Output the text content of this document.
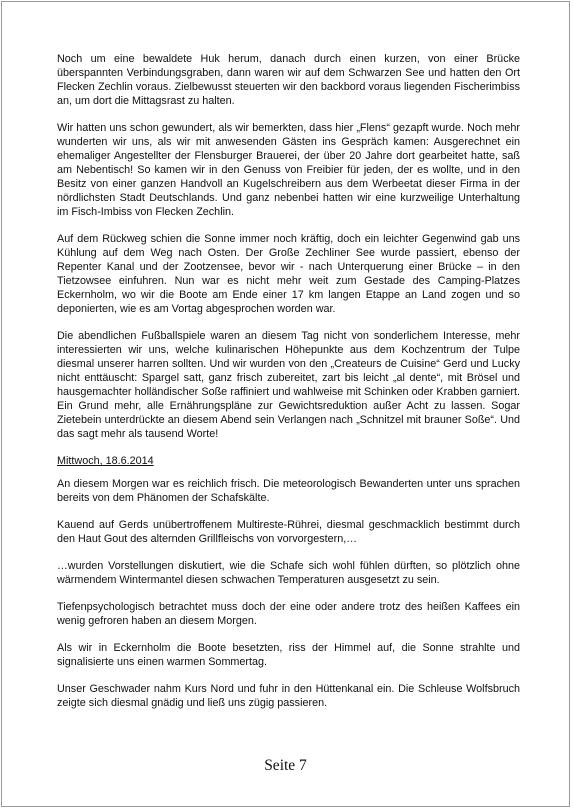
Noch um eine bewaldete Huk herum, danach durch einen kurzen, von einer Brücke überspannten Verbindungsgraben, dann waren wir auf dem Schwarzen See und hatten den Ort Flecken Zechlin voraus. Zielbewusst steuerten wir den backbord voraus liegenden Fischerimbiss an, um dort die Mittagsrast zu halten.

Wir hatten uns schon gewundert, als wir bemerkten, dass hier „Flens“ gezapft wurde. Noch mehr wunderten wir uns, als wir mit anwesenden Gästen ins Gespräch kamen: Ausgerechnet ein ehemaliger Angestellter der Flensburger Brauerei, der über 20 Jahre dort gearbeitet hatte, saß am Nebentisch! So kamen wir in den Genuss von Freibier für jeden, der es wollte, und in den Besitz von einer ganzen Handvoll an Kugelschreibern aus dem Werbeetat dieser Firma in der nördlichsten Stadt Deutschlands. Und ganz nebenbei hatten wir eine kurzweilige Unterhaltung im Fisch-Imbiss von Flecken Zechlin.

Auf dem Rückweg schien die Sonne immer noch kräftig, doch ein leichter Gegenwind gab uns Kühlung auf dem Weg nach Osten. Der Große Zechliner See wurde passiert, ebenso der Repenter Kanal und der Zootzensee, bevor wir - nach Unterquerung einer Brücke – in den Tietzowsee einfuhren. Nun war es nicht mehr weit zum Gestade des Camping-Platzes Eckernholm, wo wir die Boote am Ende einer 17 km langen Etappe an Land zogen und so deponierten, wie es am Vortag abgesprochen worden war.

Die abendlichen Fußballspiele waren an diesem Tag nicht von sonderlichem Interesse, mehr interessierten wir uns, welche kulinarischen Höhepunkte aus dem Kochzentrum der Tulpe diesmal unserer harren sollten. Und wir wurden von den „Createurs de Cuisine“ Gerd und Lucky nicht enttäuscht: Spargel satt, ganz frisch zubereitet, zart bis leicht „al dente“, mit Brösel und hausgemachter holländischer Soße raffiniert und wahlweise mit Schinken oder Krabben garniert. Ein Grund mehr, alle Ernährungspläne zur Gewichtsreduktion außer Acht zu lassen. Sogar Zietebein unterdrückte an diesem Abend sein Verlangen nach „Schnitzel mit brauner Soße“. Und das sagt mehr als tausend Worte!

Mittwoch, 18.6.2014

An diesem Morgen war es reichlich frisch. Die meteorologisch Bewanderten unter uns sprachen bereits von dem Phänomen der Schafskälte.

Kauend auf Gerds unübertroffenem Multireste-Rührei, diesmal geschmacklich bestimmt durch den Haut Gout des alternden Grillfleischs von vorvorgestern,…

…wurden Vorstellungen diskutiert, wie die Schafe sich wohl fühlen dürften, so plötzlich ohne wärmendem Wintermantel diesen schwachen Temperaturen ausgesetzt zu sein.

Tiefenpsychologisch betrachtet muss doch der eine oder andere trotz des heißen Kaffees ein wenig gefroren haben an diesem Morgen.

Als wir in Eckernholm die Boote besetzten, riss der Himmel auf, die Sonne strahlte und signalisierte uns einen warmen Sommertag.

Unser Geschwader nahm Kurs Nord und fuhr in den Hüttenkanal ein. Die Schleuse Wolfsbruch zeigte sich diesmal gnädig und ließ uns zügig passieren.

Seite 7
